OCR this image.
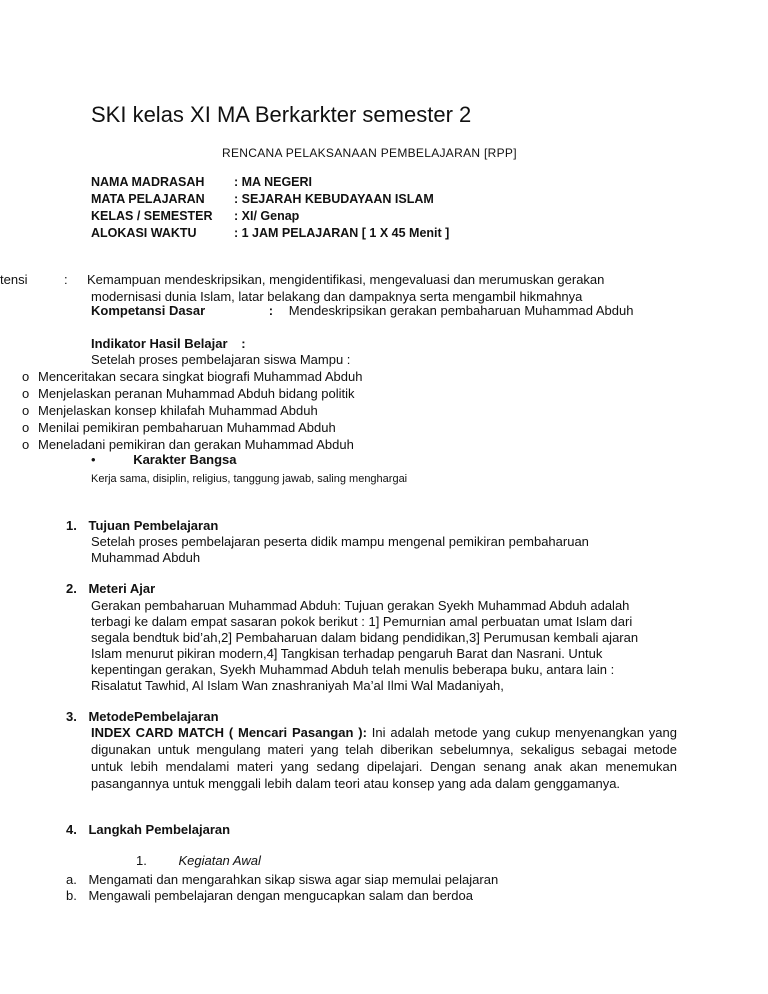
SKI kelas XI MA Berkarkter semester 2
RENCANA PELAKSANAAN PEMBELAJARAN [RPP]
NAMA MADRASAH : MA NEGERI
MATA PELAJARAN : SEJARAH KEBUDAYAAN ISLAM
KELAS / SEMESTER : XI/ Genap
ALOKASI WAKTU	: 1 JAM PELAJARAN [ 1 X 45 Menit ]
tensi	: Kemampuan mendeskripsikan, mengidentifikasi, mengevaluasi dan merumuskan gerakan
modernisasi dunia Islam, latar belakang dan dampaknya serta mengambil hikmahnya
Kompetansi Dasar	: Mendeskripsikan gerakan pembaharuan Muhammad Abduh
Indikator Hasil Belajar :
Setelah proses pembelajaran siswa Mampu :
o Menceritakan secara singkat biografi Muhammad Abduh
o Menjelaskan peranan Muhammad Abduh bidang politik
o Menjelaskan konsep khilafah Muhammad Abduh
o Menilai pemikiran pembaharuan Muhammad Abduh
o Meneladani pemikiran dan gerakan Muhammad Abduh
•	Karakter Bangsa
Kerja sama, disiplin, religius, tanggung jawab, saling menghargai
1. Tujuan Pembelajaran
Setelah proses pembelajaran peserta didik mampu mengenal pemikiran pembaharuan
Muhammad Abduh
2. Meteri Ajar
Gerakan pembaharuan Muhammad Abduh: Tujuan gerakan Syekh Muhammad Abduh adalah
terbagi ke dalam empat sasaran pokok berikut : 1] Pemurnian amal perbuatan umat Islam dari
segala bendtuk bid’ah,2] Pembaharuan dalam bidang pendidikan,3] Perumusan kembali ajaran
Islam menurut pikiran modern,4] Tangkisan terhadap pengaruh Barat dan Nasrani. Untuk
kepentingan gerakan, Syekh Muhammad Abduh telah menulis beberapa buku, antara lain :
Risalatut Tawhid, Al Islam Wan znashraniyah Ma’al Ilmi Wal Madaniyah,
3. MetodePembelajaran
INDEX CARD MATCH ( Mencari Pasangan ): Ini adalah metode yang cukup menyenangkan yang digunakan untuk mengulang materi yang telah diberikan sebelumnya, sekaligus sebagai metode untuk lebih mendalami materi yang sedang dipelajari. Dengan senang anak akan menemukan pasangannya untuk menggali lebih dalam teori atau konsep yang ada dalam genggamanya.
4. Langkah Pembelajaran
1. Kegiatan Awal
a. Mengamati dan mengarahkan sikap siswa agar siap memulai pelajaran
b. Mengawali pembelajaran dengan mengucapkan salam dan berdoa
